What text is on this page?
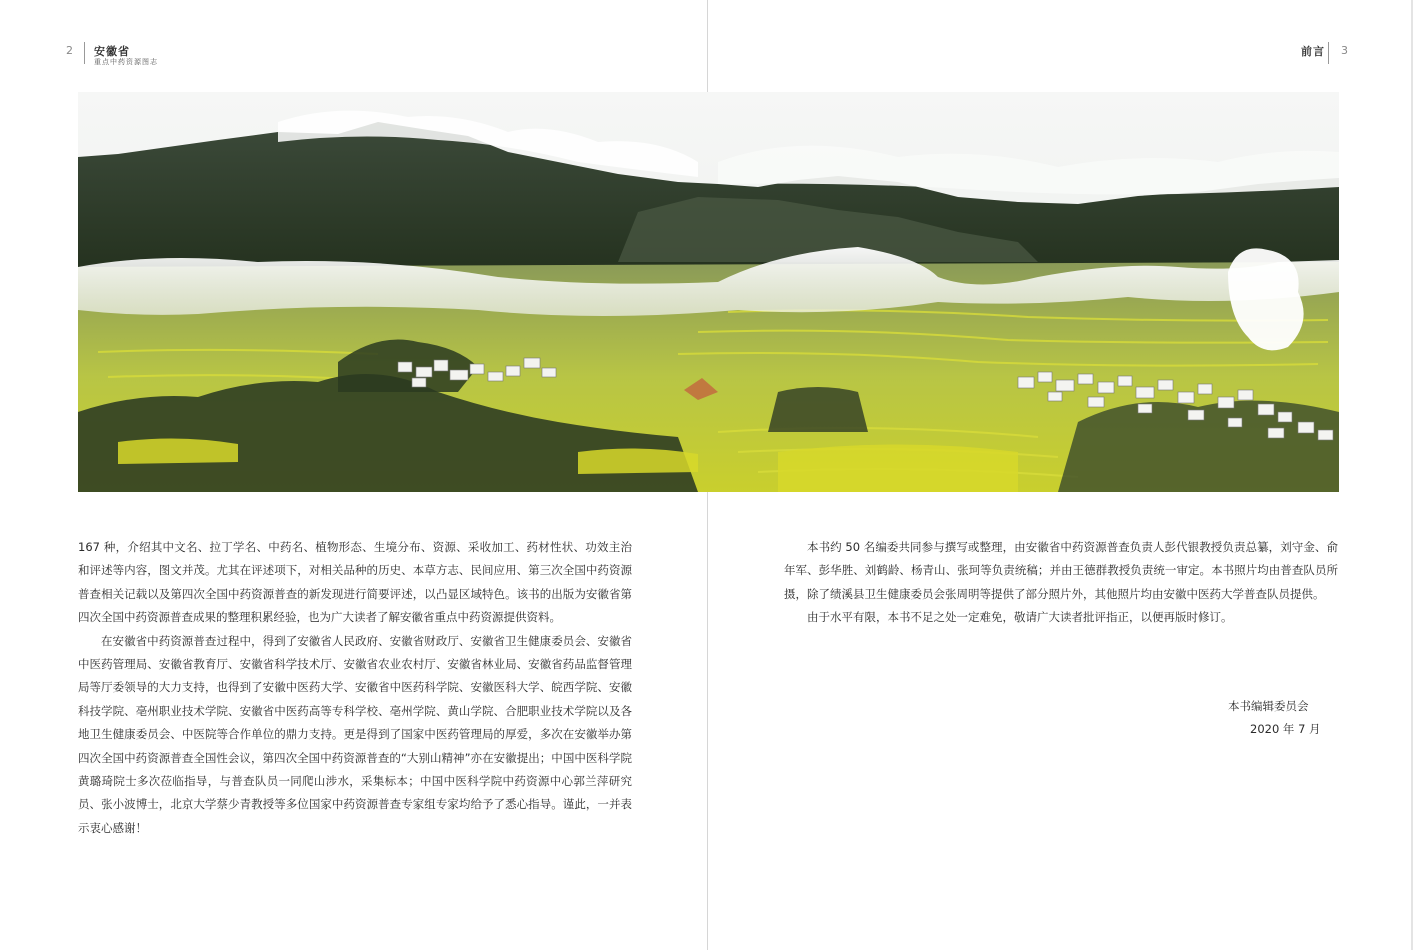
2 安徽省
重点中药资源图志
前言 3

167 种，介绍其中文名、拉丁学名、中药名、植物形态、生境分布、资源、采收加工、药材性状、功效主治和评述等内容，图文并茂。尤其在评述项下，对相关品种的历史、本草方志、民间应用、第三次全国中药资源普查相关记载以及第四次全国中药资源普查的新发现进行简要评述，以凸显区域特色。该书的出版为安徽省第四次全国中药资源普查成果的整理积累经验，也为广大读者了解安徽省重点中药资源提供资料。

在安徽省中药资源普查过程中，得到了安徽省人民政府、安徽省财政厅、安徽省卫生健康委员会、安徽省中医药管理局、安徽省教育厅、安徽省科学技术厅、安徽省农业农村厅、安徽省林业局、安徽省药品监督管理局等厅委领导的大力支持，也得到了安徽中医药大学、安徽省中医药科学院、安徽医科大学、皖西学院、安徽科技学院、亳州职业技术学院、安徽省中医药高等专科学校、亳州学院、黄山学院、合肥职业技术学院以及各地卫生健康委员会、中医院等合作单位的鼎力支持。更是得到了国家中医药管理局的厚爱，多次在安徽举办第四次全国中药资源普查全国性会议，第四次全国中药资源普查的“大别山精神”亦在安徽提出；中国中医科学院黄璐琦院士多次莅临指导，与普查队员一同爬山涉水，采集标本；中国中医科学院中药资源中心郭兰萍研究员、张小波博士，北京大学蔡少青教授等多位国家中药资源普查专家组专家均给予了悉心指导。谨此，一并表示衷心感谢！

本书约 50 名编委共同参与撰写或整理，由安徽省中药资源普查负责人彭代银教授负责总纂，刘守金、俞年军、彭华胜、刘鹤龄、杨青山、张珂等负责统稿；并由王德群教授负责统一审定。本书照片均由普查队员所摄，除了绩溪县卫生健康委员会张周明等提供了部分照片外，其他照片均由安徽中医药大学普查队员提供。

由于水平有限，本书不足之处一定难免，敬请广大读者批评指正，以便再版时修订。

本书编辑委员会
2020 年 7 月
